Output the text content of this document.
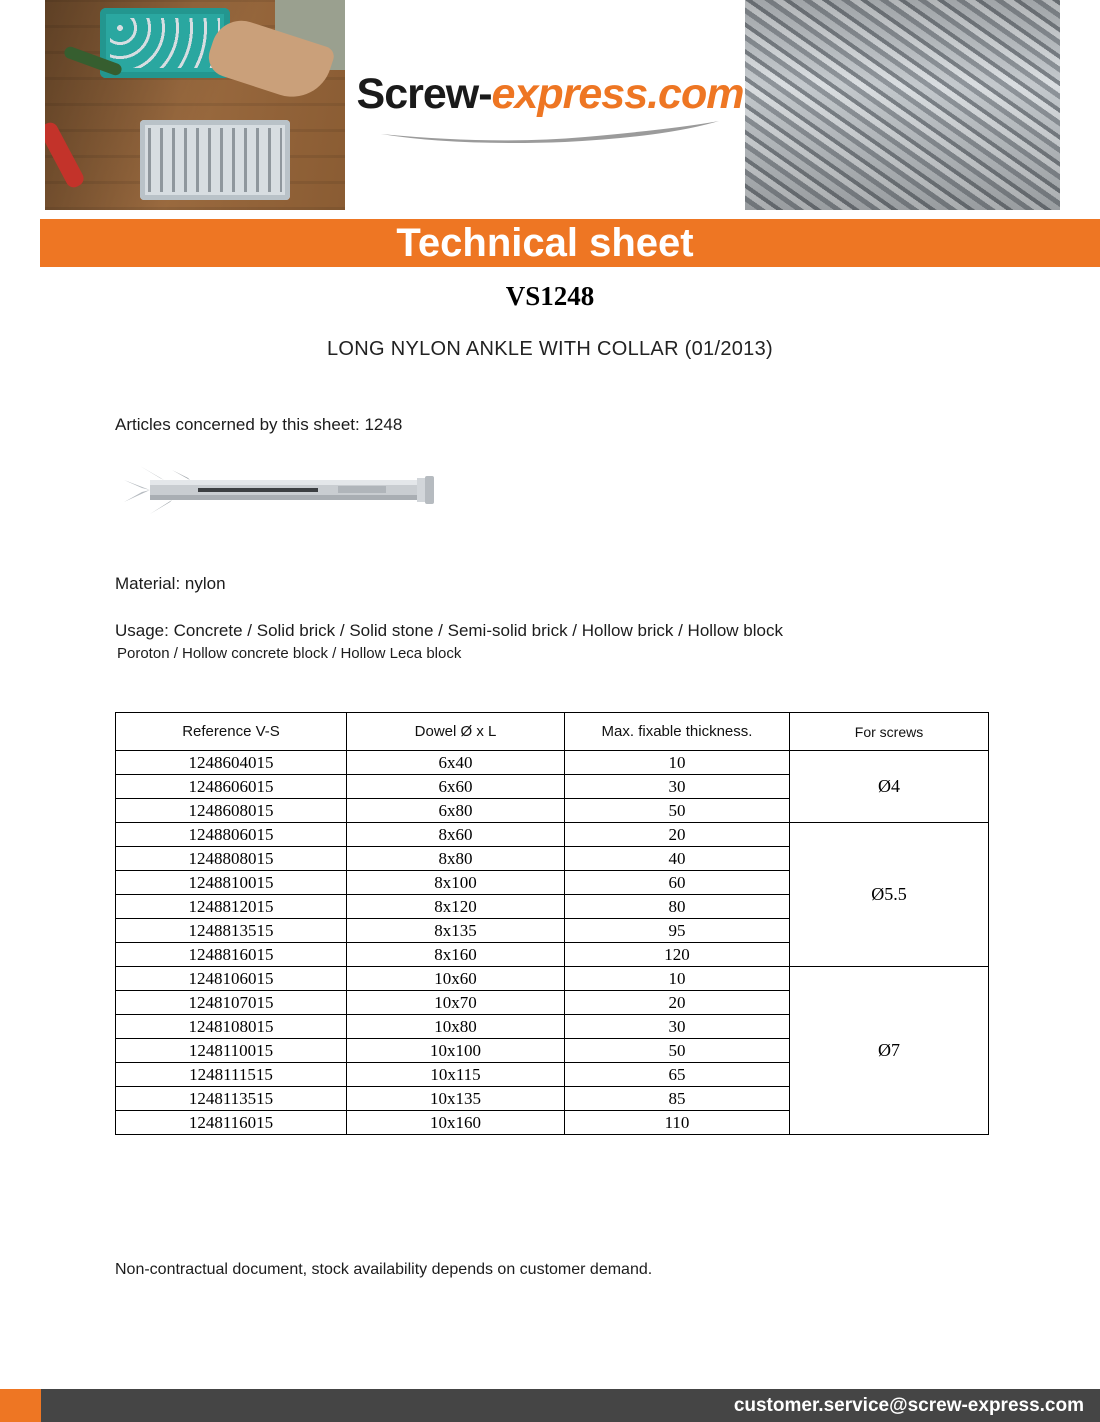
Screw-express.com
Technical sheet
VS1248
LONG NYLON ANKLE WITH COLLAR (01/2013)
Articles concerned by this sheet: 1248
Material: nylon
Usage: Concrete / Solid brick / Solid stone / Semi-solid brick / Hollow brick / Hollow block
Poroton / Hollow concrete block / Hollow Leca block
Reference V-S	Dowel Ø x L	Max. fixable thickness.	For screws
1248604015	6x40	10	Ø4
1248606015	6x60	30	
1248608015	6x80	50	
1248806015	8x60	20	Ø5.5
1248808015	8x80	40	
1248810015	8x100	60	
1248812015	8x120	80	
1248813515	8x135	95	
1248816015	8x160	120	
1248106015	10x60	10	Ø7
1248107015	10x70	20	
1248108015	10x80	30	
1248110015	10x100	50	
1248111515	10x115	65	
1248113515	10x135	85	
1248116015	10x160	110	
Non-contractual document, stock availability depends on customer demand.
customer.service@screw-express.com
